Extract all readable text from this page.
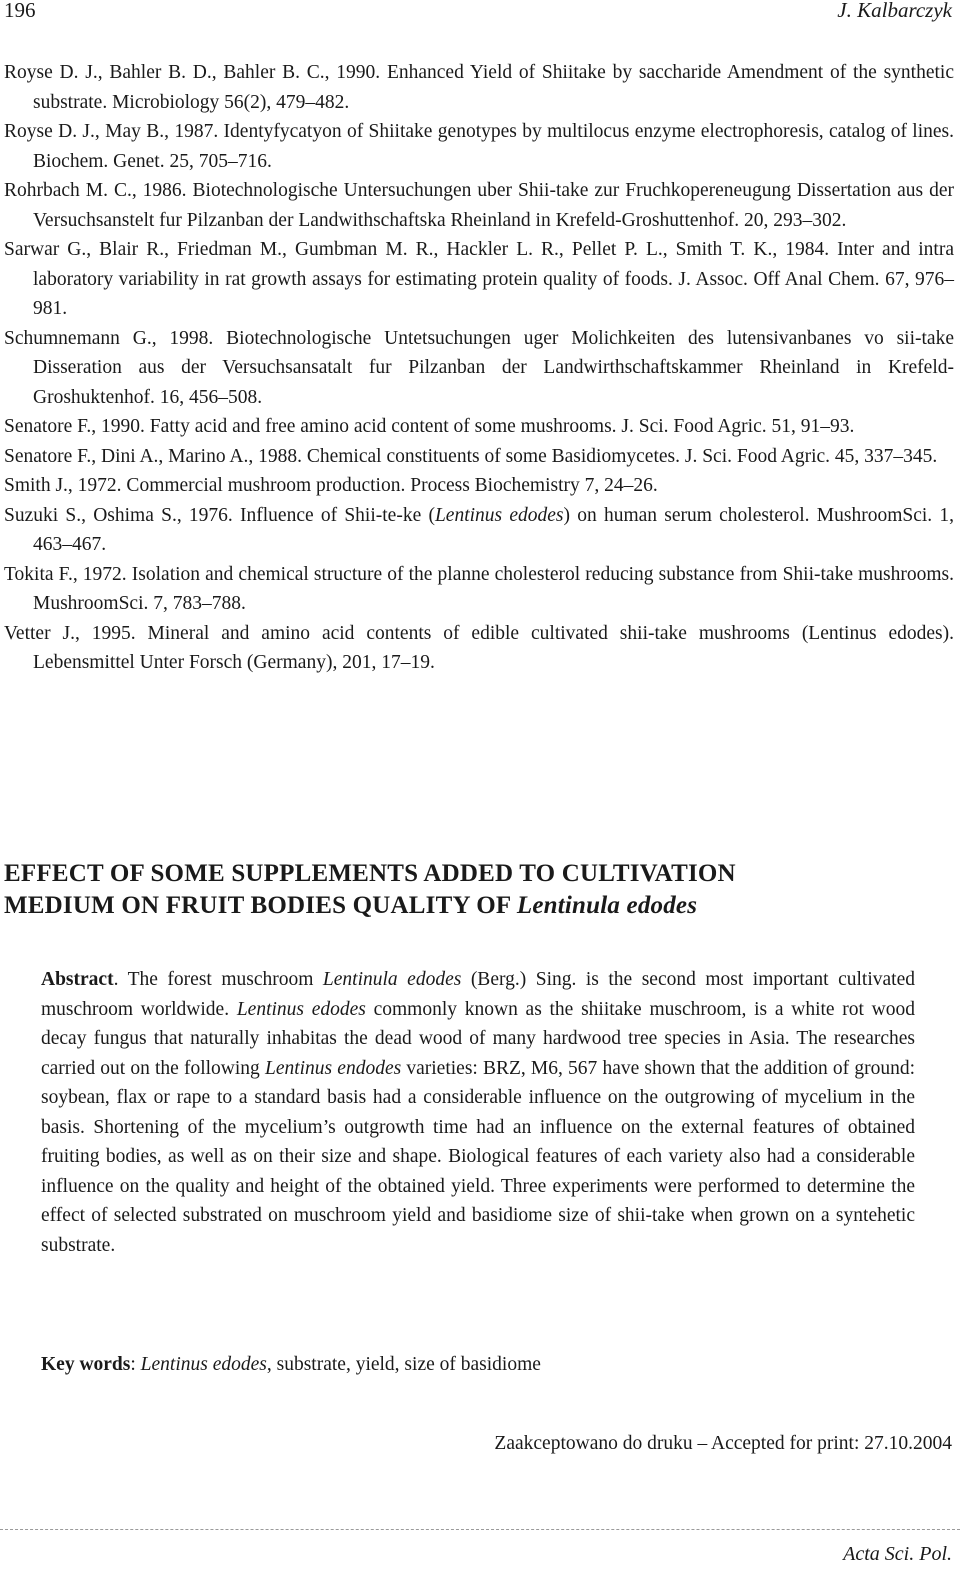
196	J. Kalbarczyk

Royse D. J., Bahler B. D., Bahler B. C., 1990. Enhanced Yield of Shiitake by saccharide Amendment of the synthetic substrate. Microbiology 56(2), 479–482.

Royse D. J., May B., 1987. Identyfycatyon of Shiitake genotypes by multilocus enzyme electrophoresis, catalog of lines. Biochem. Genet. 25, 705–716.

Rohrbach M. C., 1986. Biotechnologische Untersuchungen uber Shii-take zur Fruchkopereneugung Dissertation aus der Versuchsanstelt fur Pilzanban der Landwithschaftska Rheinland in Krefeld-Groshuttenhof. 20, 293–302.

Sarwar G., Blair R., Friedman M., Gumbman M. R., Hackler L. R., Pellet P. L., Smith T. K., 1984. Inter and intra laboratory variability in rat growth assays for estimating protein quality of foods. J. Assoc. Off Anal Chem. 67, 976–981.

Schumnemann G., 1998. Biotechnologische Untetsuchungen uger Molichkeiten des lutensivanbanes vo sii-take Disseration aus der Versuchsansatalt fur Pilzanban der Landwirthschaftskammer Rheinland in Krefeld-Groshuktenhof. 16, 456–508.

Senatore F., 1990. Fatty acid and free amino acid content of some mushrooms. J. Sci. Food Agric. 51, 91–93.

Senatore F., Dini A., Marino A., 1988. Chemical constituents of some Basidiomycetes. J. Sci. Food Agric. 45, 337–345.

Smith J., 1972. Commercial mushroom production. Process Biochemistry 7, 24–26.

Suzuki S., Oshima S., 1976. Influence of Shii-te-ke (Lentinus edodes) on human serum cholesterol. MushroomSci. 1, 463–467.

Tokita F., 1972. Isolation and chemical structure of the planne cholesterol reducing substance from Shii-take mushrooms. MushroomSci. 7, 783–788.

Vetter J., 1995. Mineral and amino acid contents of edible cultivated shii-take mushrooms (Lentinus edodes). Lebensmittel Unter Forsch (Germany), 201, 17–19.

EFFECT OF SOME SUPPLEMENTS ADDED TO CULTIVATION
MEDIUM ON FRUIT BODIES QUALITY OF Lentinula edodes

Abstract. The forest muschroom Lentinula edodes (Berg.) Sing. is the second most important cultivated muschroom worldwide. Lentinus edodes commonly known as the shiitake muschroom, is a white rot wood decay fungus that naturally inhabitas the dead wood of many hardwood tree species in Asia. The researches carried out on the following Lentinus endodes varieties: BRZ, M6, 567 have shown that the addition of ground: soybean, flax or rape to a standard basis had a considerable influence on the outgrowing of mycelium in the basis. Shortening of the mycelium’s outgrowth time had an influence on the external features of obtained fruiting bodies, as well as on their size and shape. Biological features of each variety also had a considerable influence on the quality and height of the obtained yield. Three experiments were performed to determine the effect of selected substrated on muschroom yield and basidiome size of shii-take when grown on a syntehetic substrate.

Key words: Lentinus edodes, substrate, yield, size of basidiome

Zaakceptowano do druku – Accepted for print: 27.10.2004
Acta Sci. Pol.
